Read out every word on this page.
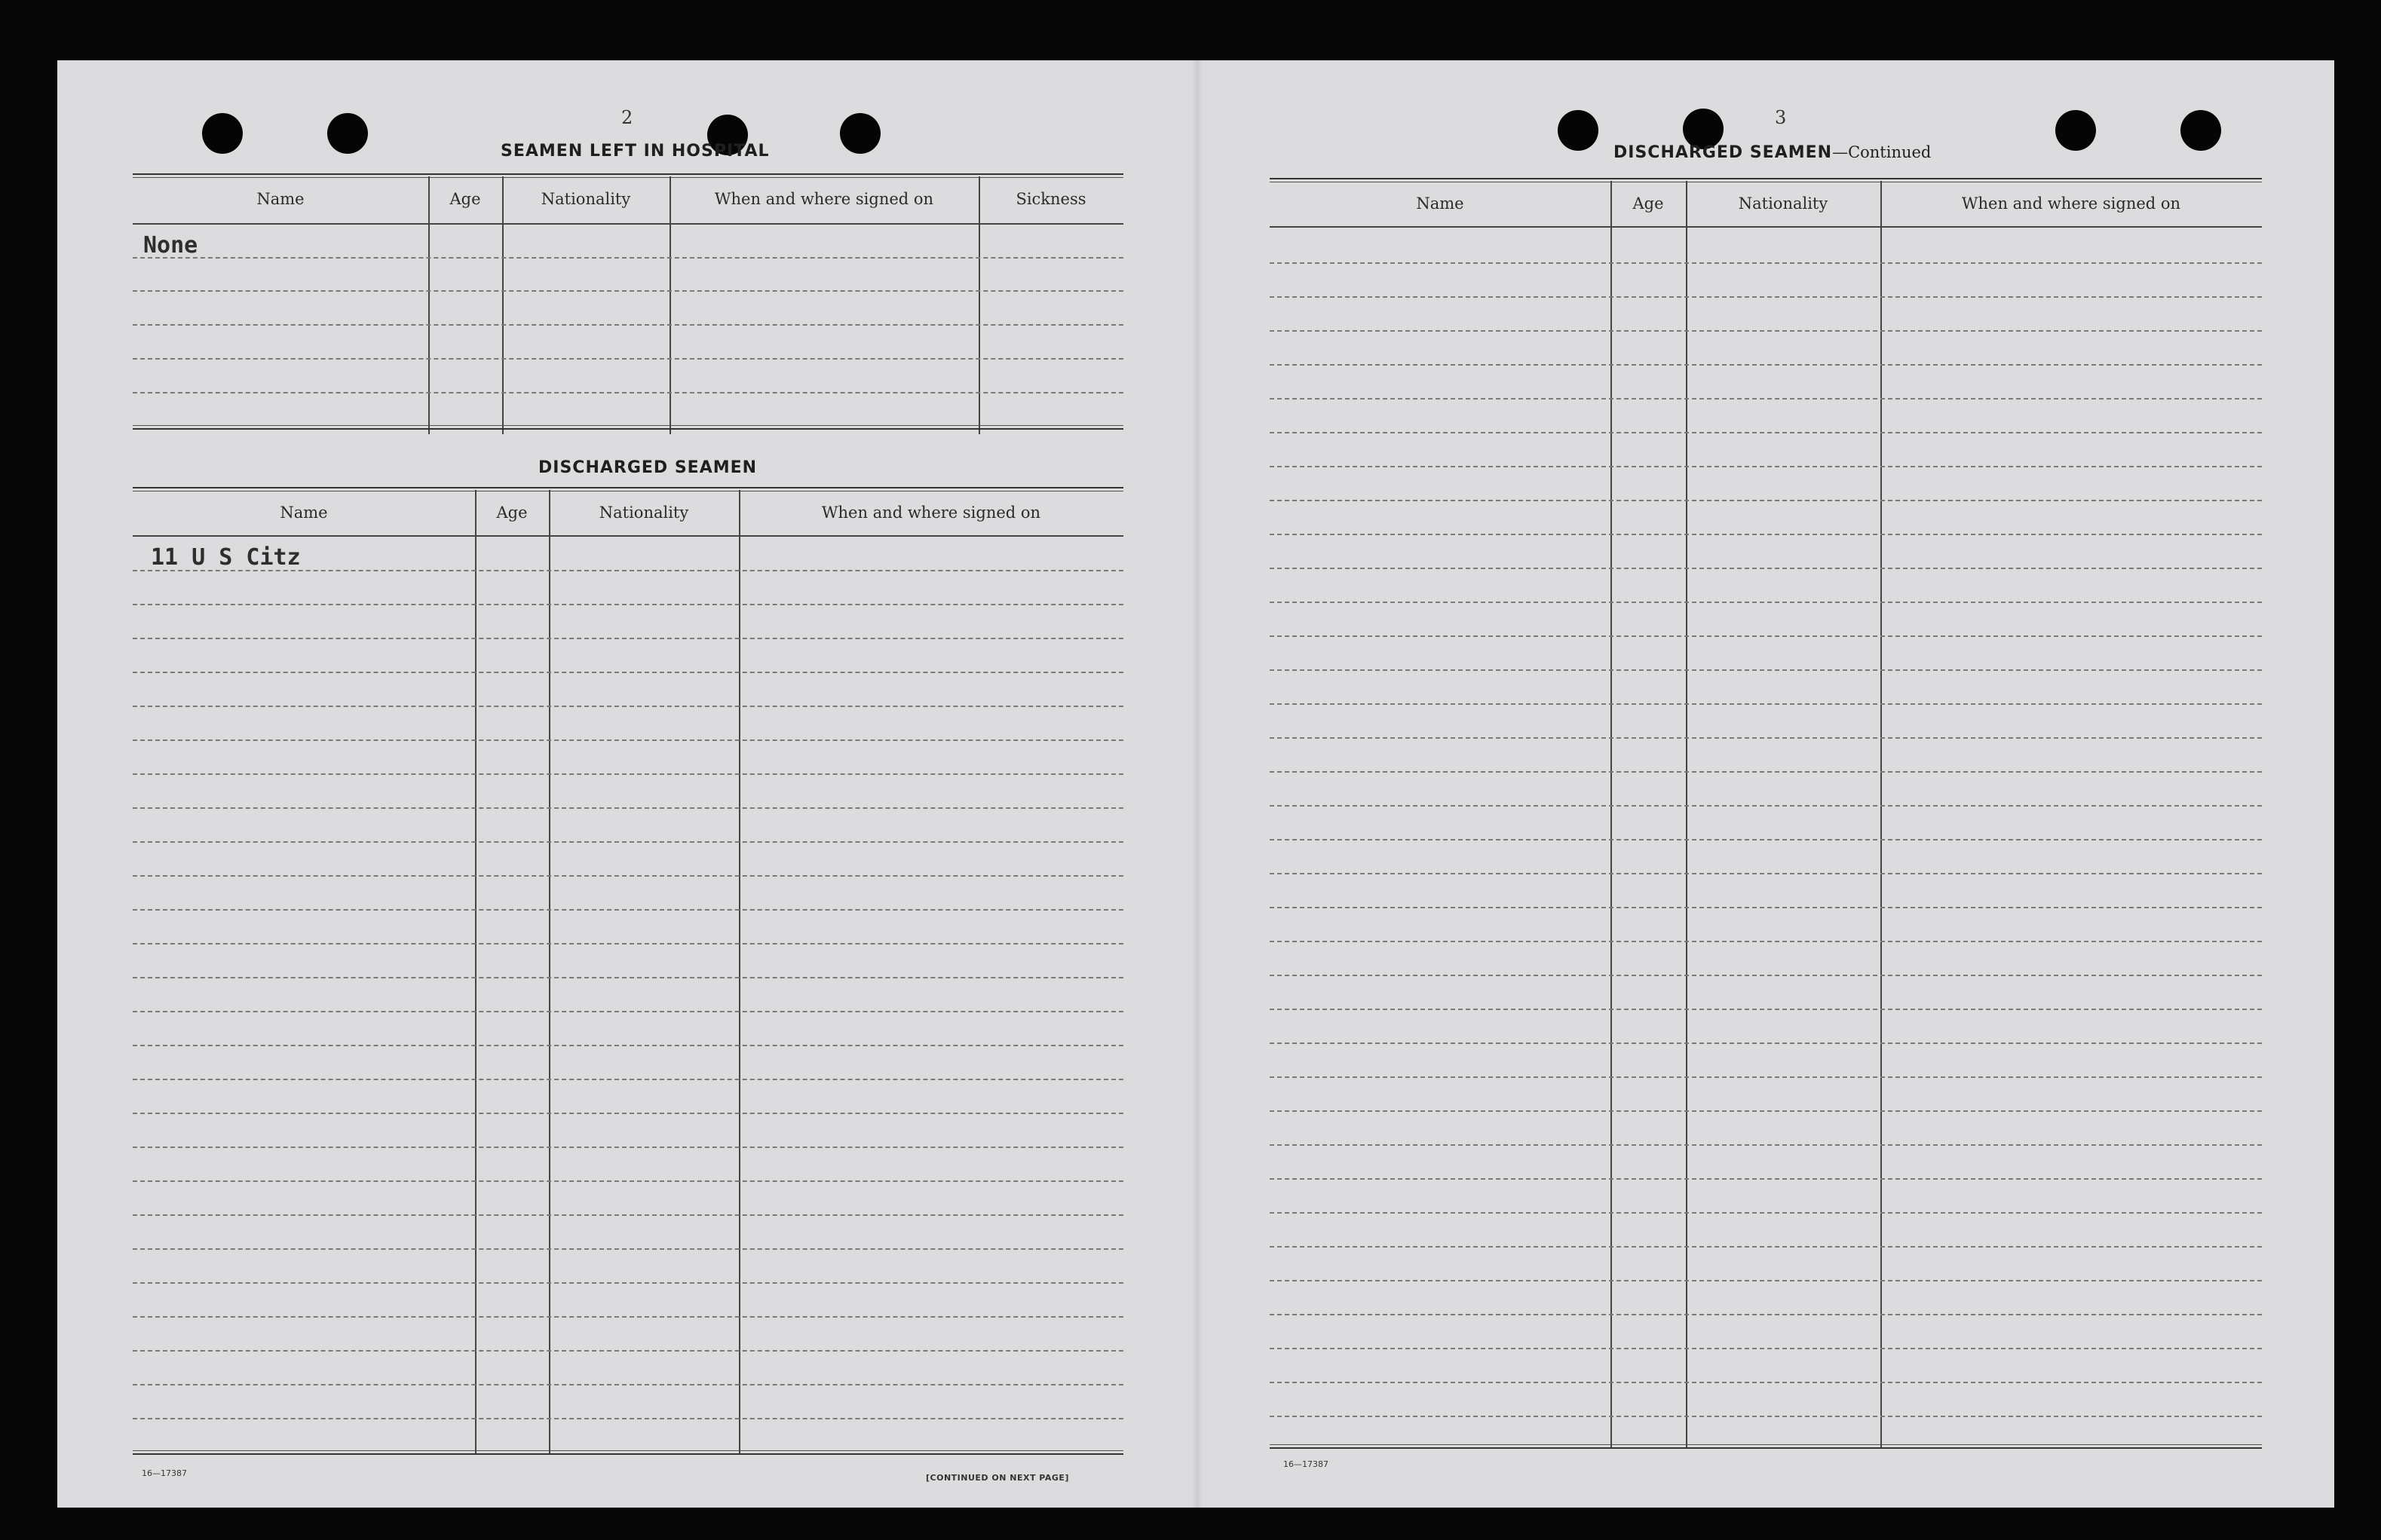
2
SEAMEN LEFT IN HOSPITAL
Name	Age	Nationality	When and where signed on	Sickness
None
DISCHARGED SEAMEN
Name	Age	Nationality	When and where signed on
11 U S Citz
16—17387	[CONTINUED ON NEXT PAGE]
3
DISCHARGED SEAMEN—Continued
Name	Age	Nationality	When and where signed on
16—17387
